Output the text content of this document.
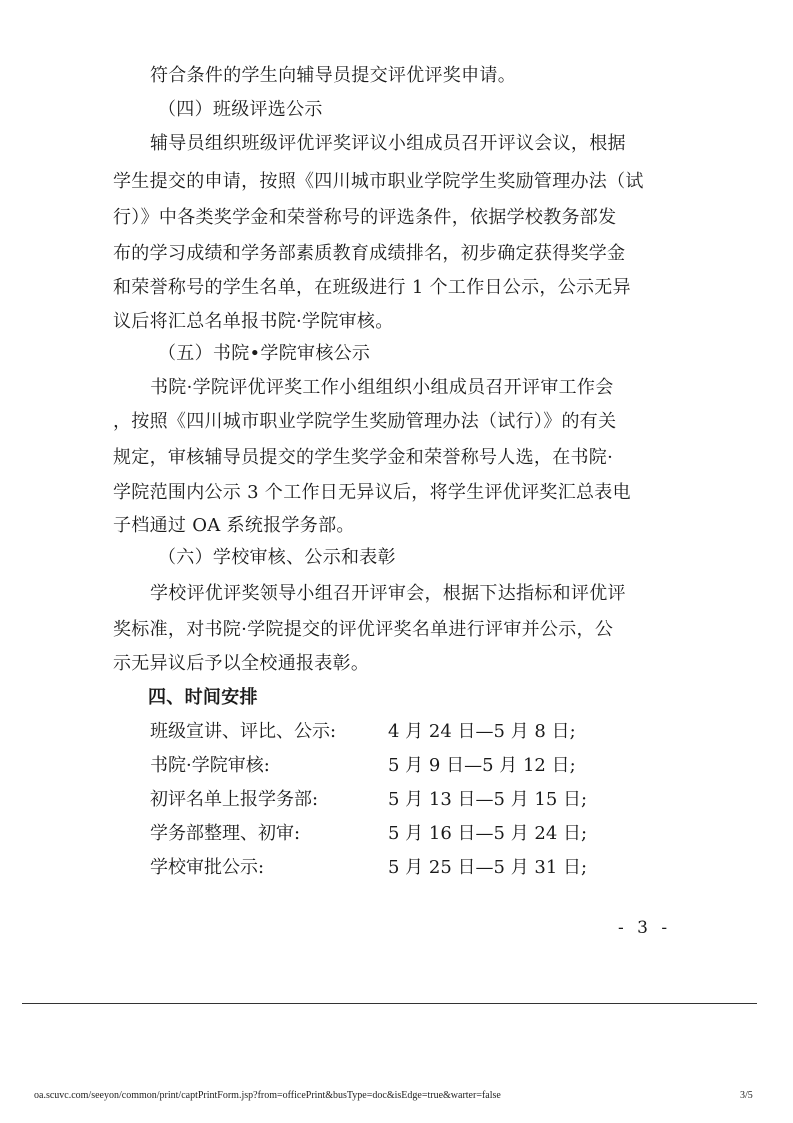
符合条件的学生向辅导员提交评优评奖申请。
（四）班级评选公示
辅导员组织班级评优评奖评议小组成员召开评议会议，根据
学生提交的申请，按照《四川城市职业学院学生奖励管理办法（试
行）》中各类奖学金和荣誉称号的评选条件，依据学校教务部发
布的学习成绩和学务部素质教育成绩排名，初步确定获得奖学金
和荣誉称号的学生名单，在班级进行 1 个工作日公示，公示无异
议后将汇总名单报书院·学院审核。
（五）书院•学院审核公示
书院·学院评优评奖工作小组组织小组成员召开评审工作会
，按照《四川城市职业学院学生奖励管理办法（试行）》的有关
规定，审核辅导员提交的学生奖学金和荣誉称号人选，在书院·
学院范围内公示 3 个工作日无异议后，将学生评优评奖汇总表电
子档通过 OA 系统报学务部。
（六）学校审核、公示和表彰
学校评优评奖领导小组召开评审会，根据下达指标和评优评
奖标准，对书院·学院提交的评优评奖名单进行评审并公示，公
示无异议后予以全校通报表彰。
四、时间安排
班级宣讲、评比、公示:	4 月 24 日—5 月 8 日;
书院·学院审核:	5 月 9 日—5 月 12 日;
初评名单上报学务部:	5 月 13 日—5 月 15 日;
学务部整理、初审:	5 月 16 日—5 月 24 日;
学校审批公示:	5 月 25 日—5 月 31 日;
- 3 -
oa.scuvc.com/seeyon/common/print/captPrintForm.jsp?from=officePrint&busType=doc&isEdge=true&warter=false	3/5
